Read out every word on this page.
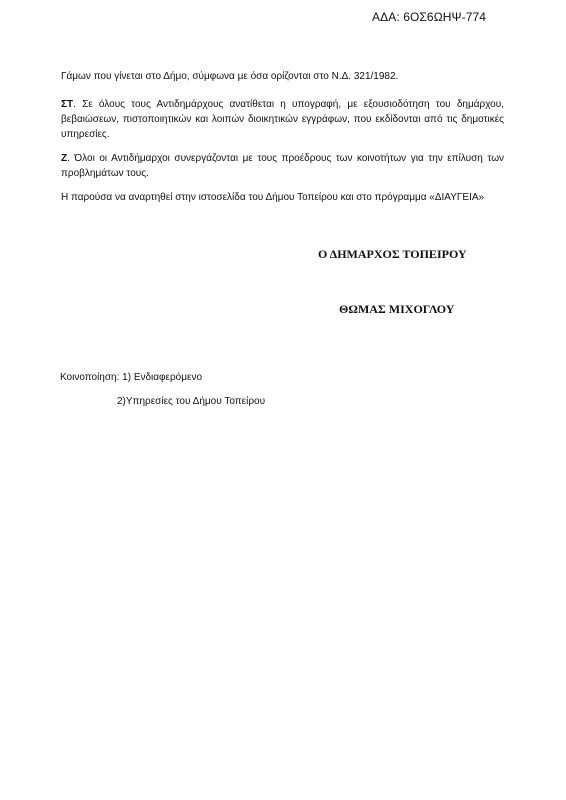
ΑΔΑ: 6ΟΣ6ΩΗΨ-774
Γάμων που γίνεται στο Δήμο, σύμφωνα με όσα ορίζονται στο Ν.Δ. 321/1982.
ΣΤ. Σε όλους τους Αντιδημάρχους ανατίθεται η υπογραφή, με εξουσιοδότηση του δημάρχου, βεβαιώσεων, πιστοποιητικών και λοιπών διοικητικών εγγράφων, που εκδίδονται από τις δημοτικές υπηρεσίες.
Ζ. Όλοι οι Αντιδήμαρχοι συνεργάζονται με τους προέδρους των κοινοτήτων για την επίλυση των προβλημάτων τους.
Η παρούσα να αναρτηθεί στην ιστοσελίδα του Δήμου Τοπείρου και στο πρόγραμμα «ΔΙΑΥΓΕΙΑ»
Ο ΔΗΜΑΡΧΟΣ ΤΟΠΕΙΡΟΥ
ΘΩΜΑΣ ΜΙΧΟΓΛΟΥ
Κοινοποίηση: 1) Ενδιαφερόμενο
2)Υπηρεσίες του Δήμου Τοπείρου
